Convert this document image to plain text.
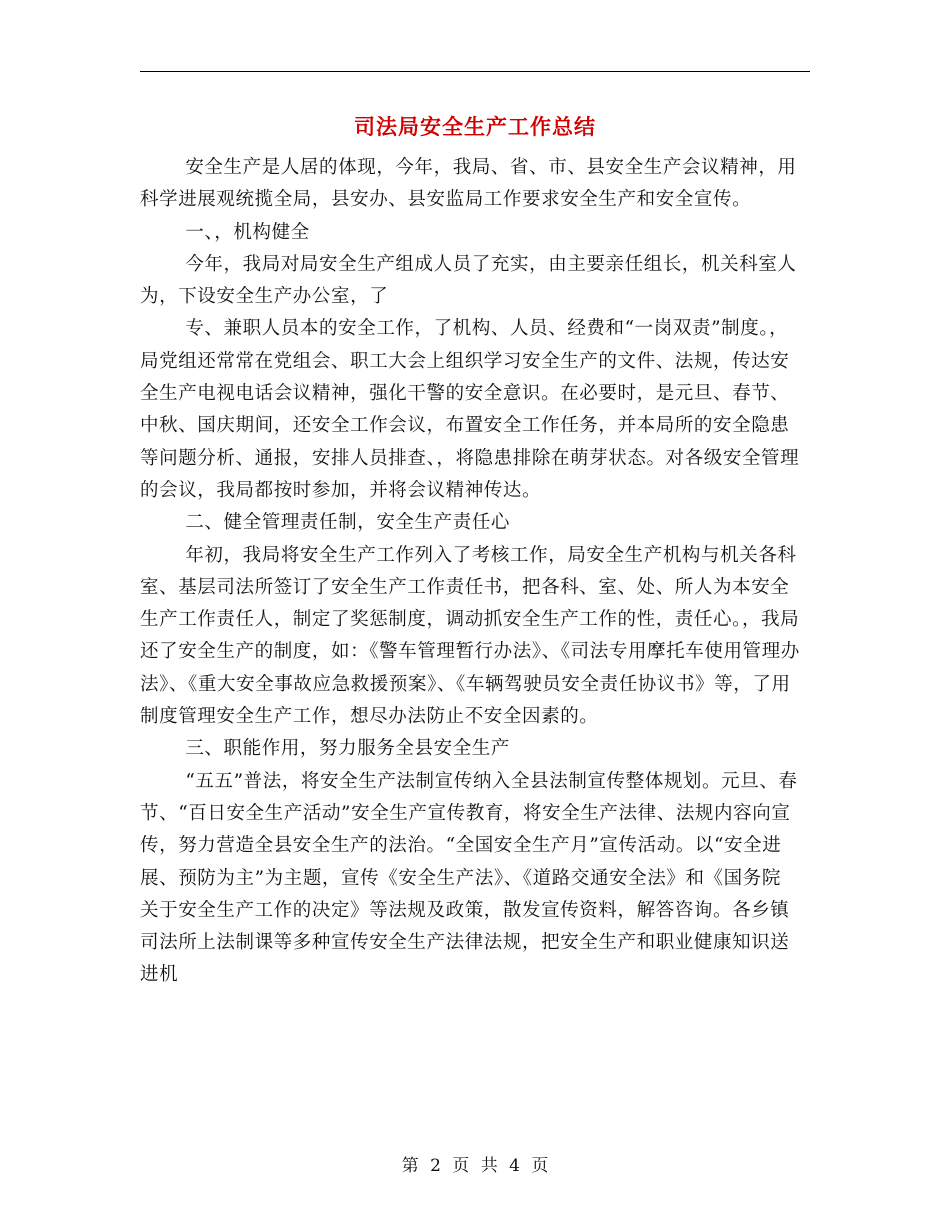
司法局安全生产工作总结

安全生产是人居的体现，今年，我局、省、市、县安全生产会议精神，用科学进展观统揽全局，县安办、县安监局工作要求安全生产和安全宣传。

一、，机构健全

今年，我局对局安全生产组成人员了充实，由主要亲任组长，机关科室人为，下设安全生产办公室，了

专、兼职人员本的安全工作，了机构、人员、经费和“一岗双责”制度。，局党组还常常在党组会、职工大会上组织学习安全生产的文件、法规，传达安全生产电视电话会议精神，强化干警的安全意识。在必要时，是元旦、春节、 中秋、国庆期间，还安全工作会议，布置安全工作任务，并本局所的安全隐患等问题分析、通报，安排人员排查、，将隐患排除在萌芽状态。对各级安全管理的会议，我局都按时参加，并将会议精神传达。

二、健全管理责任制，安全生产责任心

年初，我局将安全生产工作列入了考核工作，局安全生产机构与机关各科室、基层司法所签订了安全生产工作责任书，把各科、室、处、所人为本安全生产工作责任人，制定了奖惩制度，调动抓安全生产工作的性，责任心。，我局还了安全生产的制度，如：《警车管理暂行办法》、《司法专用摩托车使用管理办法》、《重大安全事故应急救援预案》、《车辆驾驶员安全责任协议书》等，了用制度管理安全生产工作，想尽办法防止不安全因素的。

三、职能作用，努力服务全县安全生产

“五五”普法，将安全生产法制宣传纳入全县法制宣传整体规划。元旦、春节、“百日安全生产活动”安全生产宣传教育，将安全生产法律、法规内容向宣传，努力营造全县安全生产的法治。“全国安全生产月”宣传活动。以“安全进展、预防为主”为主题，宣传《安全生产法》、《道路交通安全法》和《国务院关于安全生产工作的决定》等法规及政策，散发宣传资料，解答咨询。各乡镇司法所上法制课等多种宣传安全生产法律法规，把安全生产和职业健康知识送进机

第 2 页 共 4 页
